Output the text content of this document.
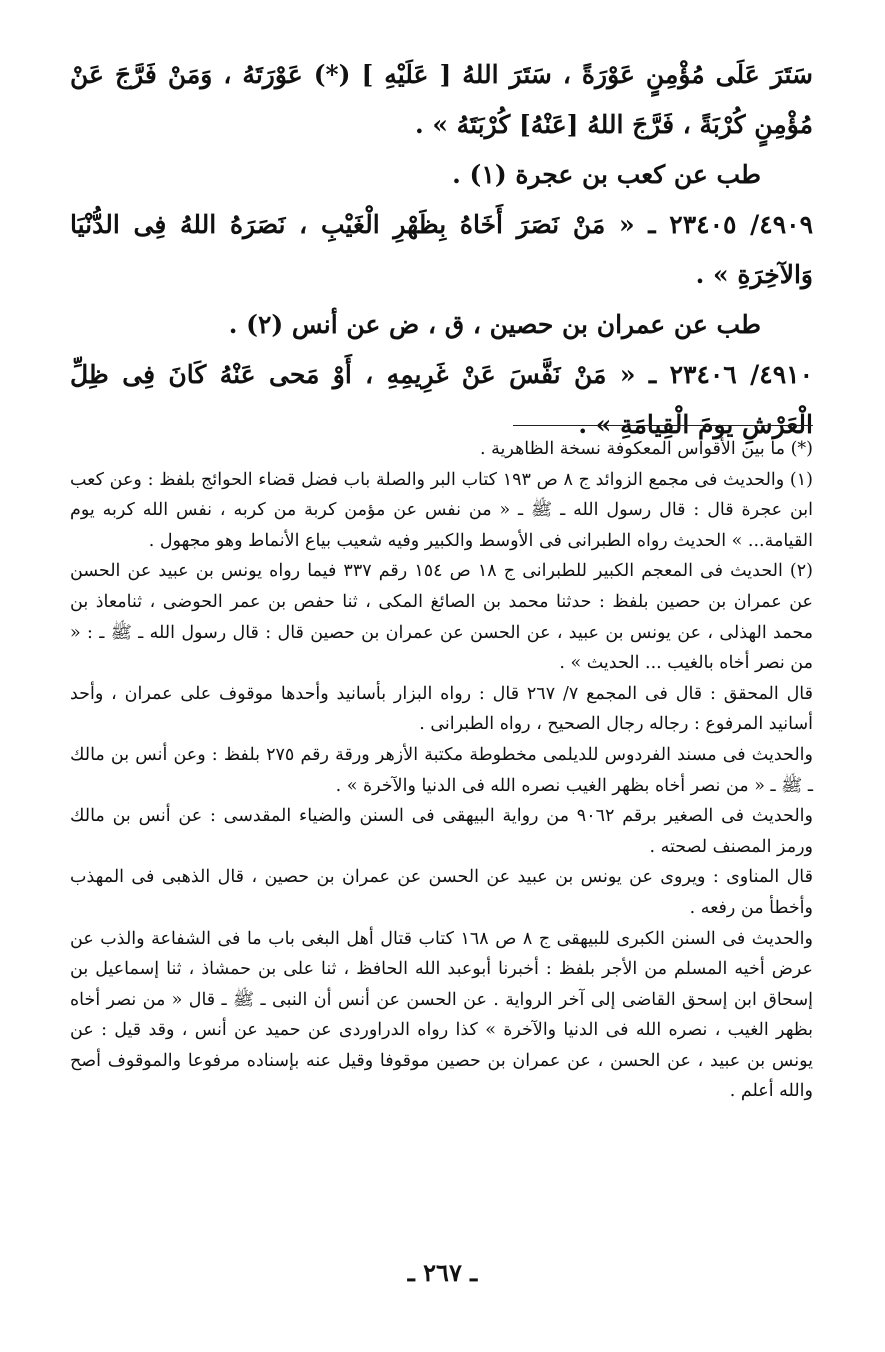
سَتَرَ عَلَى مُؤْمِنٍ عَوْرَةً ، سَتَرَ اللهُ [ عَلَيْهِ ] (*) عَوْرَتَهُ ، وَمَنْ فَرَّجَ عَنْ مُؤْمِنٍ كُرْبَةً ، فَرَّجَ اللهُ [عَنْهُ] كُرْبَتَهُ » .

طب عن كعب بن عجرة (١) .

٤٩٠٩/ ٢٣٤٠٥ ـ « مَنْ نَصَرَ أَخَاهُ بِظَهْرِ الْغَيْبِ ، نَصَرَهُ اللهُ فِى الدُّنْيَا وَالآخِرَةِ » .

طب عن عمران بن حصين ، ق ، ض عن أنس (٢) .

٤٩١٠/ ٢٣٤٠٦ ـ « مَنْ نَفَّسَ عَنْ غَرِيمِهِ ، أَوْ مَحى عَنْهُ كَانَ فِى ظِلِّ الْعَرْشِ يومَ الْقِيامَةِ » .

(*) ما بين الأقواس المعكوفة نسخة الظاهرية .

(١) والحديث فى مجمع الزوائد ج ٨ ص ١٩٣ كتاب البر والصلة باب فضل قضاء الحوائج بلفظ : وعن كعب ابن عجرة قال : قال رسول الله ـ ﷺ ـ « من نفس عن مؤمن كربة من كربه ، نفس الله كربه يوم القيامة... » الحديث رواه الطبرانى فى الأوسط والكبير وفيه شعيب بياع الأنماط وهو مجهول .

(٢) الحديث فى المعجم الكبير للطبرانى ج ١٨ ص ١٥٤ رقم ٣٣٧ فيما رواه يونس بن عبيد عن الحسن عن عمران بن حصين بلفظ : حدثنا محمد بن الصائغ المكى ، ثنا حفص بن عمر الحوضى ، ثنامعاذ بن محمد الهذلى ، عن يونس بن عبيد ، عن الحسن عن عمران بن حصين قال : قال رسول الله ـ ﷺ ـ : « من نصر أخاه بالغيب ... الحديث » .

قال المحقق : قال فى المجمع ٧/ ٢٦٧ قال : رواه البزار بأسانيد وأحدها موقوف على عمران ، وأحد أسانيد المرفوع : رجاله رجال الصحيح ، رواه الطبرانى .

والحديث فى مسند الفردوس للديلمى مخطوطة مكتبة الأزهر ورقة رقم ٢٧٥ بلفظ : وعن أنس بن مالك ـ ﷺ ـ « من نصر أخاه بظهر الغيب نصره الله فى الدنيا والآخرة » .

والحديث فى الصغير برقم ٩٠٦٢ من رواية البيهقى فى السنن والضياء المقدسى : عن أنس بن مالك ورمز المصنف لصحته .

قال المناوى : ويروى عن يونس بن عبيد عن الحسن عن عمران بن حصين ، قال الذهبى فى المهذب وأخطأ من رفعه .

والحديث فى السنن الكبرى للبيهقى ج ٨ ص ١٦٨ كتاب قتال أهل البغى باب ما فى الشفاعة والذب عن عرض أخيه المسلم من الأجر بلفظ : أخبرنا أبوعبد الله الحافظ ، ثنا على بن حمشاذ ، ثنا إسماعيل بن إسحاق ابن إسحق القاضى إلى آخر الرواية . عن الحسن عن أنس أن النبى ـ ﷺ ـ قال « من نصر أخاه بظهر الغيب ، نصره الله فى الدنيا والآخرة » كذا رواه الدراوردى عن حميد عن أنس ، وقد قيل : عن يونس بن عبيد ، عن الحسن ، عن عمران بن حصين موقوفا وقيل عنه بإسناده مرفوعا والموقوف أصح والله أعلم .

ـ ٢٦٧ ـ
